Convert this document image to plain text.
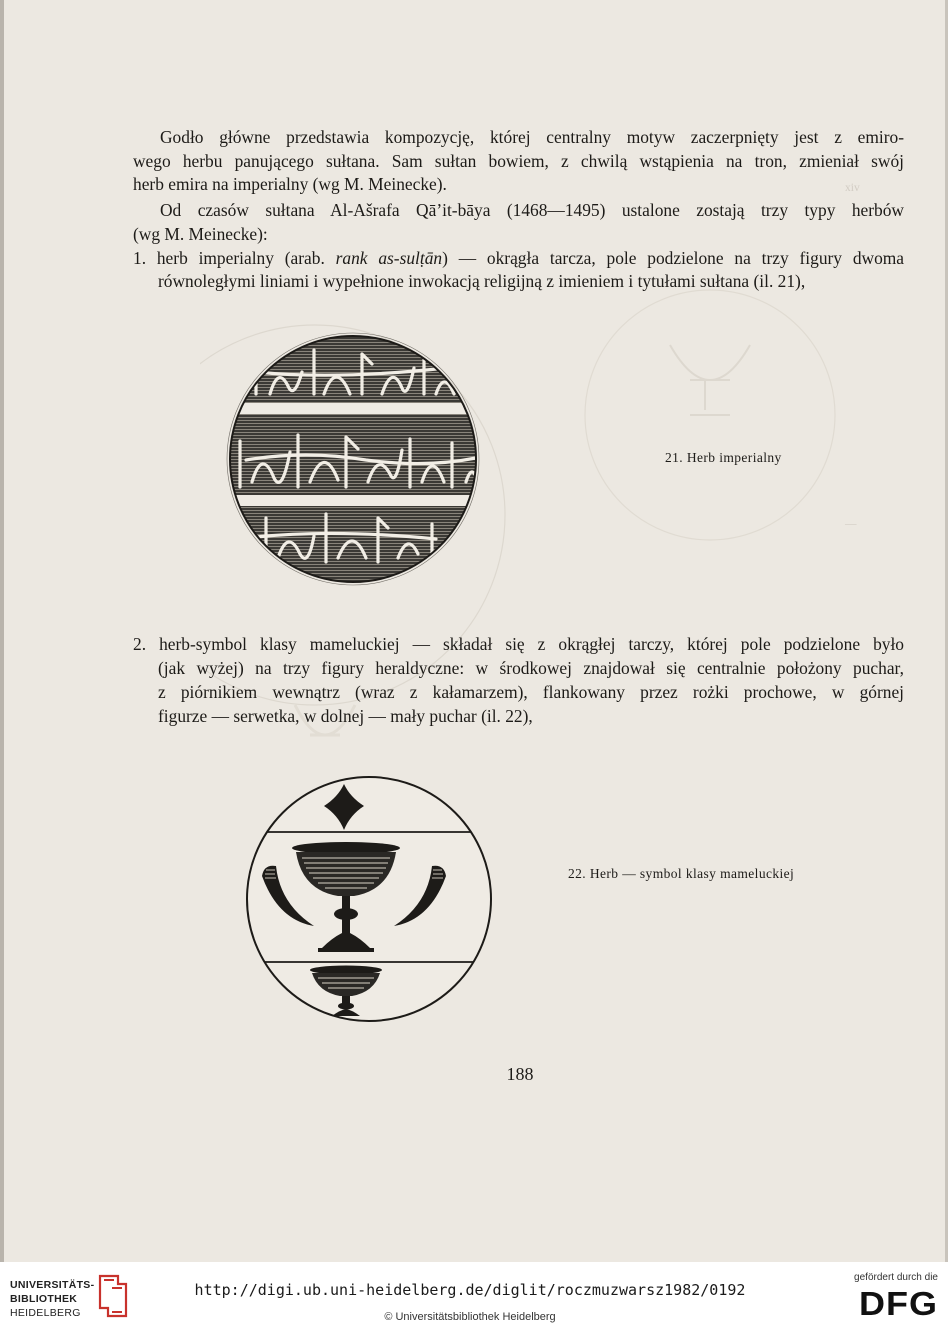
xiv
—

Godło główne przedstawia kompozycję, której centralny motyw zaczerpnięty jest z emiro-

wego herbu panującego sułtana. Sam sułtan bowiem, z chwilą wstąpienia na tron, zmieniał swój

herb emira na imperialny (wg M. Meinecke).

Od czasów sułtana Al-Ašrafa Qā’it-bāya (1468—1495) ustalone zostają trzy typy herbów

(wg M. Meinecke):

1. herb imperialny (arab. rank as-sulṭān) — okrągła tarcza, pole podzielone na trzy figury dwoma

równoległymi liniami i wypełnione inwokacją religijną z imieniem i tytułami sułtana (il. 21),

21. Herb imperialny

2. herb-symbol klasy mameluckiej — składał się z okrągłej tarczy, której pole podzielone było

(jak wyżej) na trzy figury heraldyczne: w środkowej znajdował się centralnie położony puchar,

z piórnikiem wewnątrz (wraz z kałamarzem), flankowany przez rożki prochowe, w górnej

figurze — serwetka, w dolnej — mały puchar (il. 22),

22. Herb — symbol klasy mameluckiej

188
UNIVERSITÄTS-
BIBLIOTHEK
HEIDELBERG
http://digi.ub.uni-heidelberg.de/diglit/roczmuzwarsz1982/0192
© Universitätsbibliothek Heidelberg
gefördert durch die
DFG
